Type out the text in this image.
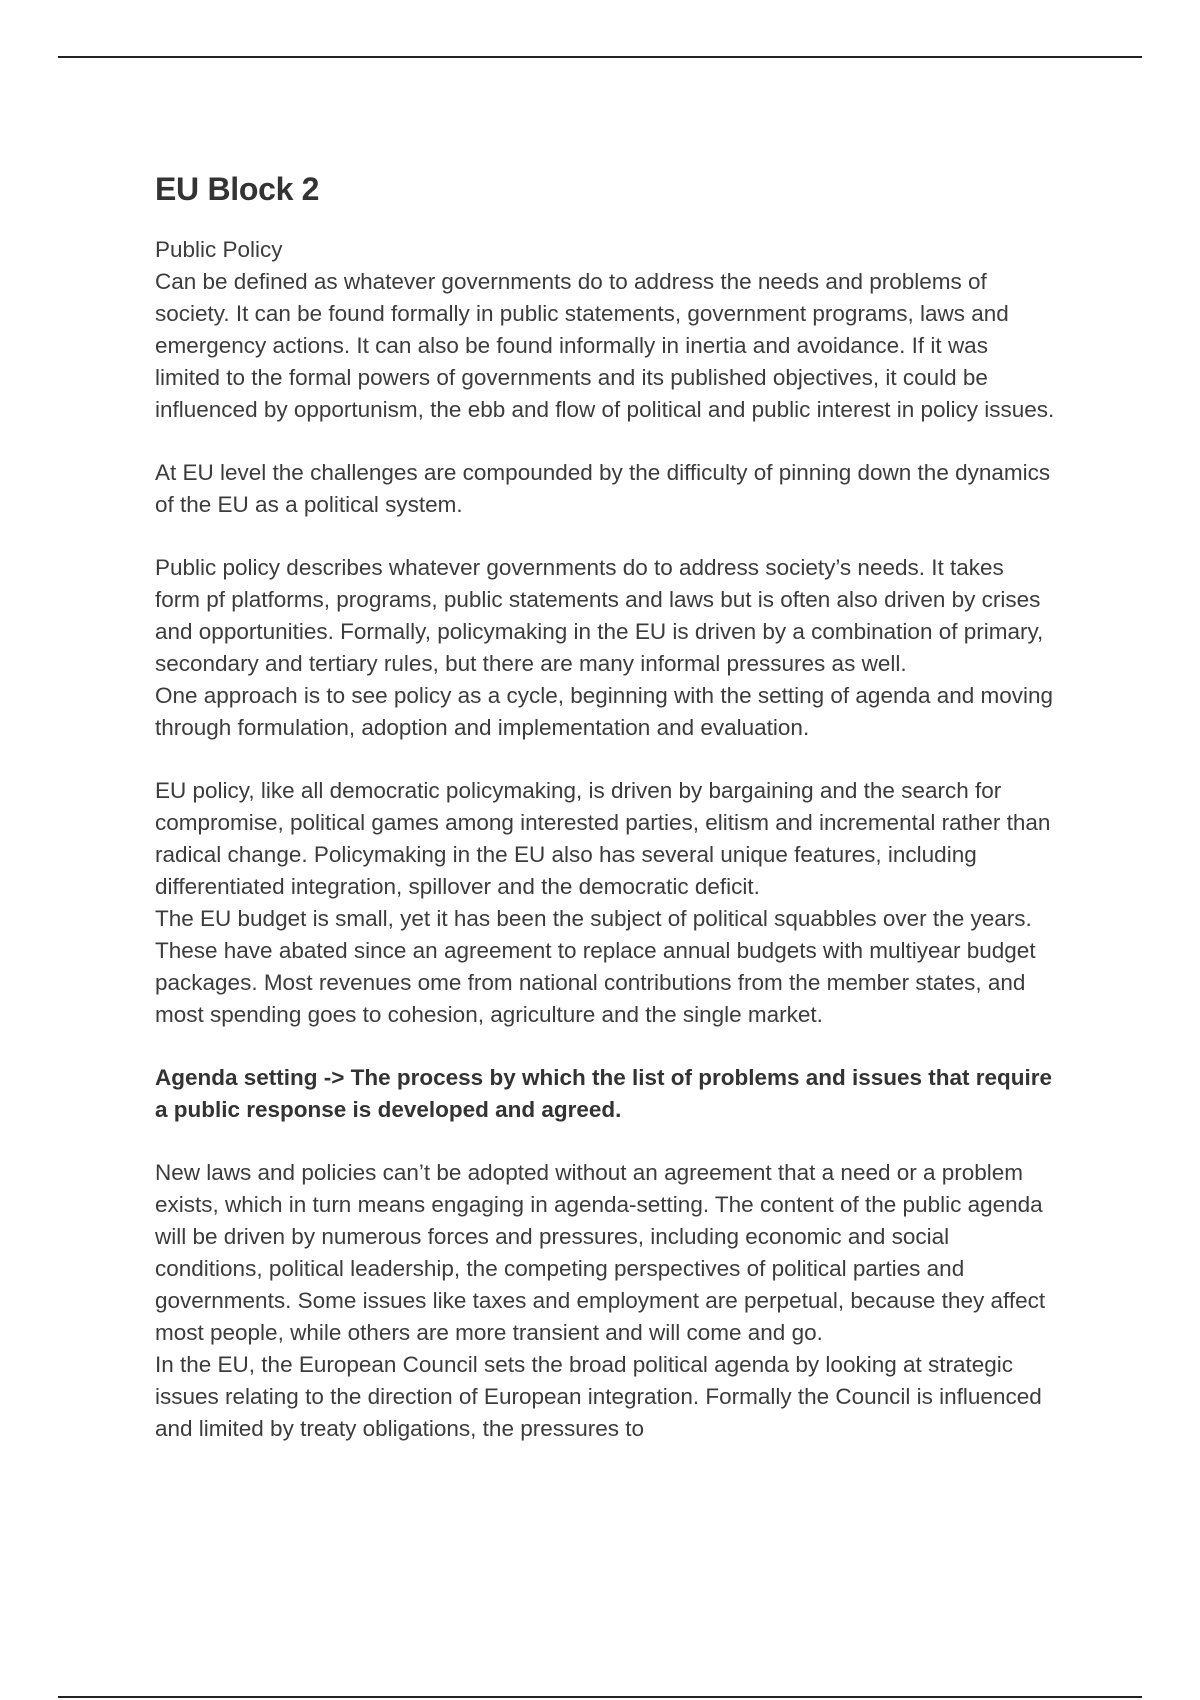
EU Block 2

Public Policy

Can be defined as whatever governments do to address the needs and problems of society. It can be found formally in public statements, government programs, laws and emergency actions. It can also be found informally in inertia and avoidance. If it was limited to the formal powers of governments and its published objectives, it could be influenced by opportunism, the ebb and flow of political and public interest in policy issues.

At EU level the challenges are compounded by the difficulty of pinning down the dynamics of the EU as a political system.

Public policy describes whatever governments do to address society’s needs. It takes form pf platforms, programs, public statements and laws but is often also driven by crises and opportunities. Formally, policymaking in the EU is driven by a combination of primary, secondary and tertiary rules, but there are many informal pressures as well.

One approach is to see policy as a cycle, beginning with the setting of agenda and moving through formulation, adoption and implementation and evaluation.

EU policy, like all democratic policymaking, is driven by bargaining and the search for compromise, political games among interested parties, elitism and incremental rather than radical change. Policymaking in the EU also has several unique features, including differentiated integration, spillover and the democratic deficit.

The EU budget is small, yet it has been the subject of political squabbles over the years. These have abated since an agreement to replace annual budgets with multiyear budget packages. Most revenues ome from national contributions from the member states, and most spending goes to cohesion, agriculture and the single market.

Agenda setting -> The process by which the list of problems and issues that require a public response is developed and agreed.

New laws and policies can’t be adopted without an agreement that a need or a problem exists, which in turn means engaging in agenda-setting. The content of the public agenda will be driven by numerous forces and pressures, including economic and social conditions, political leadership, the competing perspectives of political parties and governments. Some issues like taxes and employment are perpetual, because they affect most people, while others are more transient and will come and go.

In the EU, the European Council sets the broad political agenda by looking at strategic issues relating to the direction of European integration. Formally the Council is influenced and limited by treaty obligations, the pressures to
